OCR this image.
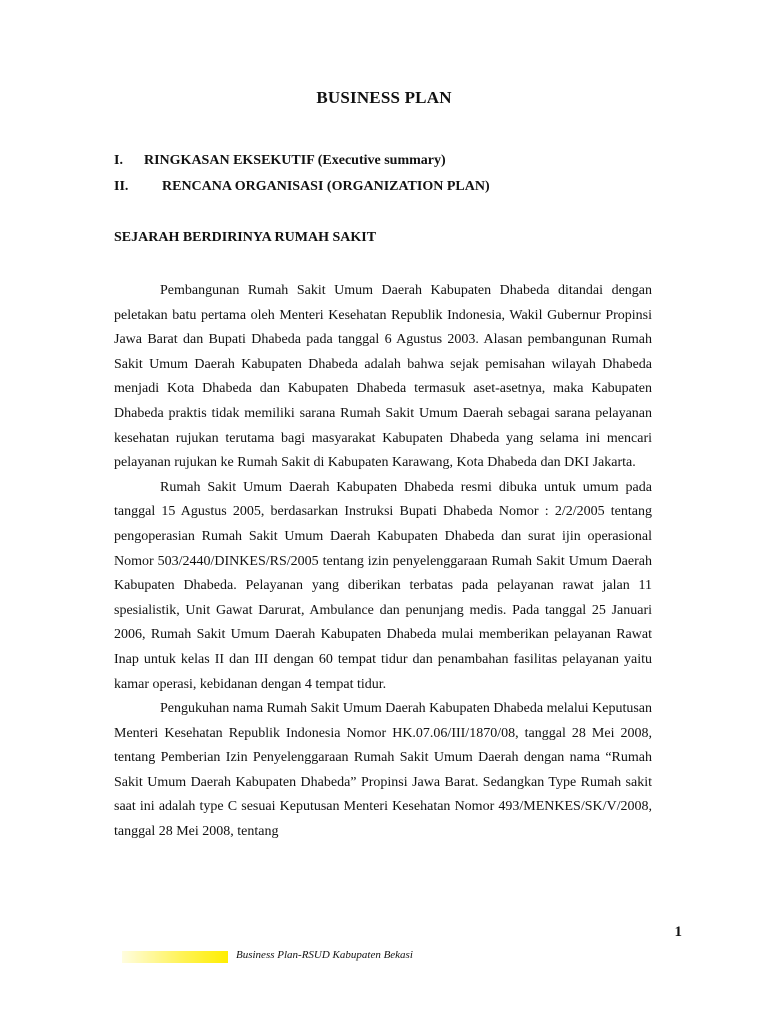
BUSINESS PLAN
I. RINGKASAN EKSEKUTIF (Executive summary)
II. RENCANA ORGANISASI (ORGANIZATION PLAN)
SEJARAH BERDIRINYA RUMAH SAKIT

Pembangunan Rumah Sakit Umum Daerah Kabupaten Dhabeda ditandai dengan peletakan batu pertama oleh Menteri Kesehatan Republik Indonesia, Wakil Gubernur Propinsi Jawa Barat dan Bupati Dhabeda pada tanggal 6 Agustus 2003. Alasan pembangunan Rumah Sakit Umum Daerah Kabupaten Dhabeda adalah bahwa sejak pemisahan wilayah Dhabeda menjadi Kota Dhabeda dan Kabupaten Dhabeda termasuk aset-asetnya, maka Kabupaten Dhabeda praktis tidak memiliki sarana Rumah Sakit Umum Daerah sebagai sarana pelayanan kesehatan rujukan terutama bagi masyarakat Kabupaten Dhabeda yang selama ini mencari pelayanan rujukan ke Rumah Sakit di Kabupaten Karawang, Kota Dhabeda dan DKI Jakarta.

Rumah Sakit Umum Daerah Kabupaten Dhabeda resmi dibuka untuk umum pada tanggal 15 Agustus 2005, berdasarkan Instruksi Bupati Dhabeda Nomor : 2/2/2005 tentang pengoperasian Rumah Sakit Umum Daerah Kabupaten Dhabeda dan surat ijin operasional Nomor 503/2440/DINKES/RS/2005 tentang izin penyelenggaraan Rumah Sakit Umum Daerah Kabupaten Dhabeda. Pelayanan yang diberikan terbatas pada pelayanan rawat jalan 11 spesialistik, Unit Gawat Darurat, Ambulance dan penunjang medis. Pada tanggal 25 Januari 2006, Rumah Sakit Umum Daerah Kabupaten Dhabeda mulai memberikan pelayanan Rawat Inap untuk kelas II dan III dengan 60 tempat tidur dan penambahan fasilitas pelayanan yaitu kamar operasi, kebidanan dengan 4 tempat tidur.

Pengukuhan nama Rumah Sakit Umum Daerah Kabupaten Dhabeda melalui Keputusan Menteri Kesehatan Republik Indonesia Nomor HK.07.06/III/1870/08, tanggal 28 Mei 2008, tentang Pemberian Izin Penyelenggaraan Rumah Sakit Umum Daerah dengan nama “Rumah Sakit Umum Daerah Kabupaten Dhabeda” Propinsi Jawa Barat. Sedangkan Type Rumah sakit saat ini adalah type C sesuai Keputusan Menteri Kesehatan Nomor 493/MENKES/SK/V/2008, tanggal 28 Mei 2008, tentang

1
Business Plan-RSUD Kabupaten Bekasi
